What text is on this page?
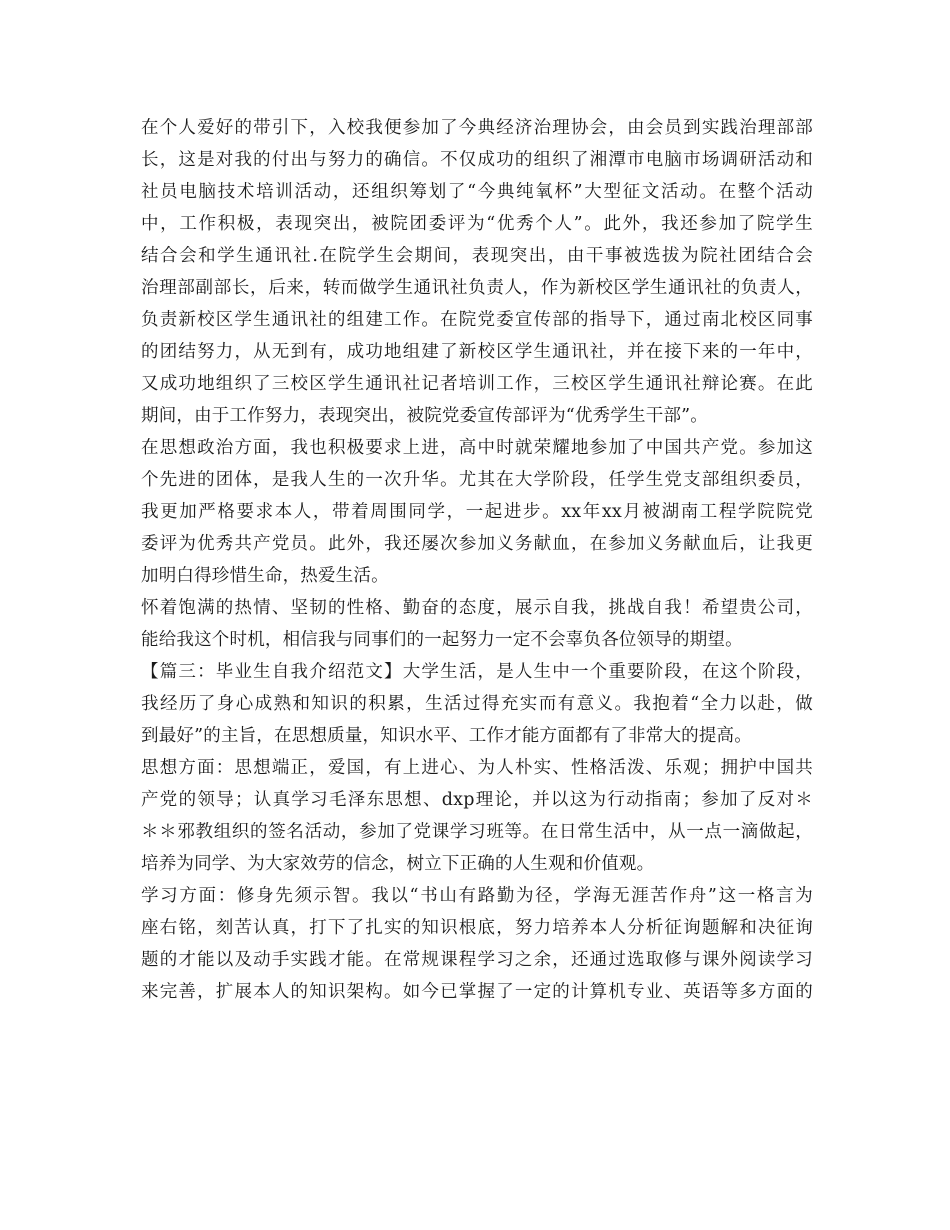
在个人爱好的带引下，入校我便参加了今典经济治理协会，由会员到实践治理部部
长，这是对我的付出与努力的确信。不仅成功的组织了湘潭市电脑市场调研活动和
社员电脑技术培训活动，还组织筹划了“今典纯氧杯”大型征文活动。在整个活动
中，工作积极，表现突出，被院团委评为“优秀个人”。此外，我还参加了院学生
结合会和学生通讯社.在院学生会期间，表现突出，由干事被选拔为院社团结合会
治理部副部长，后来，转而做学生通讯社负责人，作为新校区学生通讯社的负责人，
负责新校区学生通讯社的组建工作。在院党委宣传部的指导下，通过南北校区同事
的团结努力，从无到有，成功地组建了新校区学生通讯社，并在接下来的一年中，
又成功地组织了三校区学生通讯社记者培训工作，三校区学生通讯社辩论赛。在此
期间，由于工作努力，表现突出，被院党委宣传部评为“优秀学生干部”。
在思想政治方面，我也积极要求上进，高中时就荣耀地参加了中国共产党。参加这
个先进的团体，是我人生的一次升华。尤其在大学阶段，任学生党支部组织委员，
我更加严格要求本人，带着周围同学，一起进步。xx年xx月被湖南工程学院院党
委评为优秀共产党员。此外，我还屡次参加义务献血，在参加义务献血后，让我更
加明白得珍惜生命，热爱生活。
怀着饱满的热情、坚韧的性格、勤奋的态度，展示自我，挑战自我！希望贵公司，
能给我这个时机，相信我与同事们的一起努力一定不会辜负各位领导的期望。
【篇三：毕业生自我介绍范文】大学生活，是人生中一个重要阶段，在这个阶段，
我经历了身心成熟和知识的积累，生活过得充实而有意义。我抱着“全力以赴，做
到最好”的主旨，在思想质量，知识水平、工作才能方面都有了非常大的提高。
思想方面：思想端正，爱国，有上进心、为人朴实、性格活泼、乐观；拥护中国共
产党的领导；认真学习毛泽东思想、dxp理论，并以这为行动指南；参加了反对＊
＊＊邪教组织的签名活动，参加了党课学习班等。在日常生活中，从一点一滴做起，
培养为同学、为大家效劳的信念，树立下正确的人生观和价值观。
学习方面：修身先须示智。我以“书山有路勤为径，学海无涯苦作舟”这一格言为
座右铭，刻苦认真，打下了扎实的知识根底，努力培养本人分析征询题解和决征询
题的才能以及动手实践才能。在常规课程学习之余，还通过选取修与课外阅读学习
来完善，扩展本人的知识架构。如今已掌握了一定的计算机专业、英语等多方面的
